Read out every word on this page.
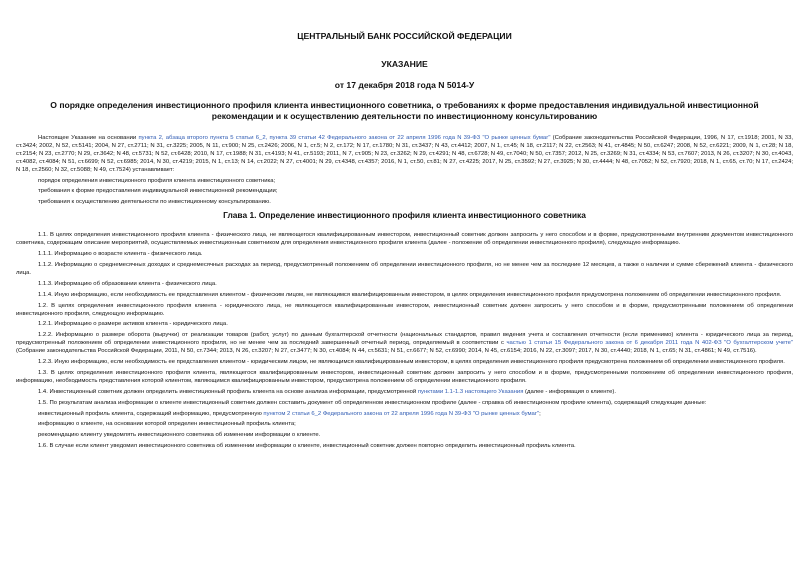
ЦЕНТРАЛЬНЫЙ БАНК РОССИЙСКОЙ ФЕДЕРАЦИИ
УКАЗАНИЕ
от 17 декабря 2018 года N 5014-У
О порядке определения инвестиционного профиля клиента инвестиционного советника, о требованиях к форме предоставления индивидуальной инвестиционной рекомендации и к осуществлению деятельности по инвестиционному консультированию

Настоящее Указание на основании пункта 2, абзаца второго пункта 5 статьи 6_2, пункта 39 статьи 42 Федерального закона от 22 апреля 1996 года N 39-ФЗ "О рынке ценных бумаг" (Собрание законодательства Российской Федерации, 1996, N 17, ст.1918; 2001, N 33, ст.3424; 2002, N 52, ст.5141; 2004, N 27, ст.2711; N 31, ст.3225; 2005, N 11, ст.900; N 25, ст.2426; 2006, N 1, ст.5; N 2, ст.172; N 17, ст.1780; N 31, ст.3437; N 43, ст.4412; 2007, N 1, ст.45; N 18, ст.2117; N 22, ст.2563; N 41, ст.4845; N 50, ст.6247; 2008, N 52, ст.6221; 2009, N 1, ст.28; N 18, ст.2154; N 23, ст.2770; N 29, ст.3642; N 48, ст.5731; N 52, ст.6428; 2010, N 17, ст.1988; N 31, ст.4193; N 41, ст.5193; 2011, N 7, ст.905; N 23, ст.3262; N 29, ст.4291; N 48, ст.6728; N 49, ст.7040; N 50, ст.7357; 2012, N 25, ст.3269; N 31, ст.4334; N 53, ст.7607; 2013, N 26, ст.3207; N 30, ст.4043, ст.4082, ст.4084; N 51, ст.6699; N 52, ст.6985; 2014, N 30, ст.4219; 2015, N 1, ст.13; N 14, ст.2022; N 27, ст.4001; N 29, ст.4348, ст.4357; 2016, N 1, ст.50, ст.81; N 27, ст.4225; 2017, N 25, ст.3592; N 27, ст.3925; N 30, ст.4444; N 48, ст.7052; N 52, ст.7920; 2018, N 1, ст.65, ст.70; N 17, ст.2424; N 18, ст.2560; N 32, ст.5088; N 49, ст.7524) устанавливает:

порядок определения инвестиционного профиля клиента инвестиционного советника;

требования к форме предоставления индивидуальной инвестиционной рекомендации;

требования к осуществлению деятельности по инвестиционному консультированию.

Глава 1. Определение инвестиционного профиля клиента инвестиционного советника

1.1. В целях определения инвестиционного профиля клиента - физического лица, не являющегося квалифицированным инвестором, инвестиционный советник должен запросить у него способом и в форме, предусмотренными внутренним документом инвестиционного советника, содержащим описание мероприятий, осуществляемых инвестиционным советником для определения инвестиционного профиля клиента (далее - положение об определении инвестиционного профиля), следующую информацию.

1.1.1. Информацию о возрасте клиента - физического лица.

1.1.2. Информацию о среднемесячных доходах и среднемесячных расходах за период, предусмотренный положением об определении инвестиционного профиля, но не менее чем за последние 12 месяцев, а также о наличии и сумме сбережений клиента - физического лица.

1.1.3. Информацию об образовании клиента - физического лица.

1.1.4. Иную информацию, если необходимость ее представления клиентом - физическим лицом, не являющимся квалифицированным инвестором, в целях определения инвестиционного профиля предусмотрена положением об определении инвестиционного профиля.

1.2. В целях определения инвестиционного профиля клиента - юридического лица, не являющегося квалифицированным инвестором, инвестиционный советник должен запросить у него способом и в форме, предусмотренными положением об определении инвестиционного профиля, следующую информацию.

1.2.1. Информацию о размере активов клиента - юридического лица.

1.2.2. Информацию о размере оборота (выручки) от реализации товаров (работ, услуг) по данным бухгалтерской отчетности (национальных стандартов, правил ведения учета и составления отчетности (если применимо) клиента - юридического лица за период, предусмотренный положением об определении инвестиционного профиля, но не менее чем за последний завершенный отчетный период, определяемый в соответствии с частью 1 статьи 15 Федерального закона от 6 декабря 2011 года N 402-ФЗ "О бухгалтерском учете" (Собрание законодательства Российской Федерации, 2011, N 50, ст.7344; 2013, N 26, ст.3207; N 27, ст.3477; N 30, ст.4084; N 44, ст.5631; N 51, ст.6677; N 52, ст.6990; 2014, N 45, ст.6154; 2016, N 22, ст.3097; 2017, N 30, ст.4440; 2018, N 1, ст.65; N 31, ст.4861; N 49, ст.7516).

1.2.3. Иную информацию, если необходимость ее представления клиентом - юридическим лицом, не являющимся квалифицированным инвестором, в целях определения инвестиционного профиля предусмотрена положением об определении инвестиционного профиля.

1.3. В целях определения инвестиционного профиля клиента, являющегося квалифицированным инвестором, инвестиционный советник должен запросить у него способом и в форме, предусмотренными положением об определении инвестиционного профиля, информацию, необходимость представления которой клиентом, являющимся квалифицированным инвестором, предусмотрена положением об определении инвестиционного профиля.

1.4. Инвестиционный советник должен определить инвестиционный профиль клиента на основе анализа информации, предусмотренной пунктами 1.1-1.3 настоящего Указания (далее - информация о клиенте).

1.5. По результатам анализа информации о клиенте инвестиционный советник должен составить документ об определенном инвестиционном профиле (далее - справка об инвестиционном профиле клиента), содержащий следующие данные:

инвестиционный профиль клиента, содержащий информацию, предусмотренную пунктом 2 статьи 6_2 Федерального закона от 22 апреля 1996 года N 39-ФЗ "О рынке ценных бумаг";

информацию о клиенте, на основании которой определен инвестиционный профиль клиента;

рекомендацию клиенту уведомлять инвестиционного советника об изменении информации о клиенте.

1.6. В случае если клиент уведомил инвестиционного советника об изменении информации о клиенте, инвестиционный советник должен повторно определить инвестиционный профиль клиента.
